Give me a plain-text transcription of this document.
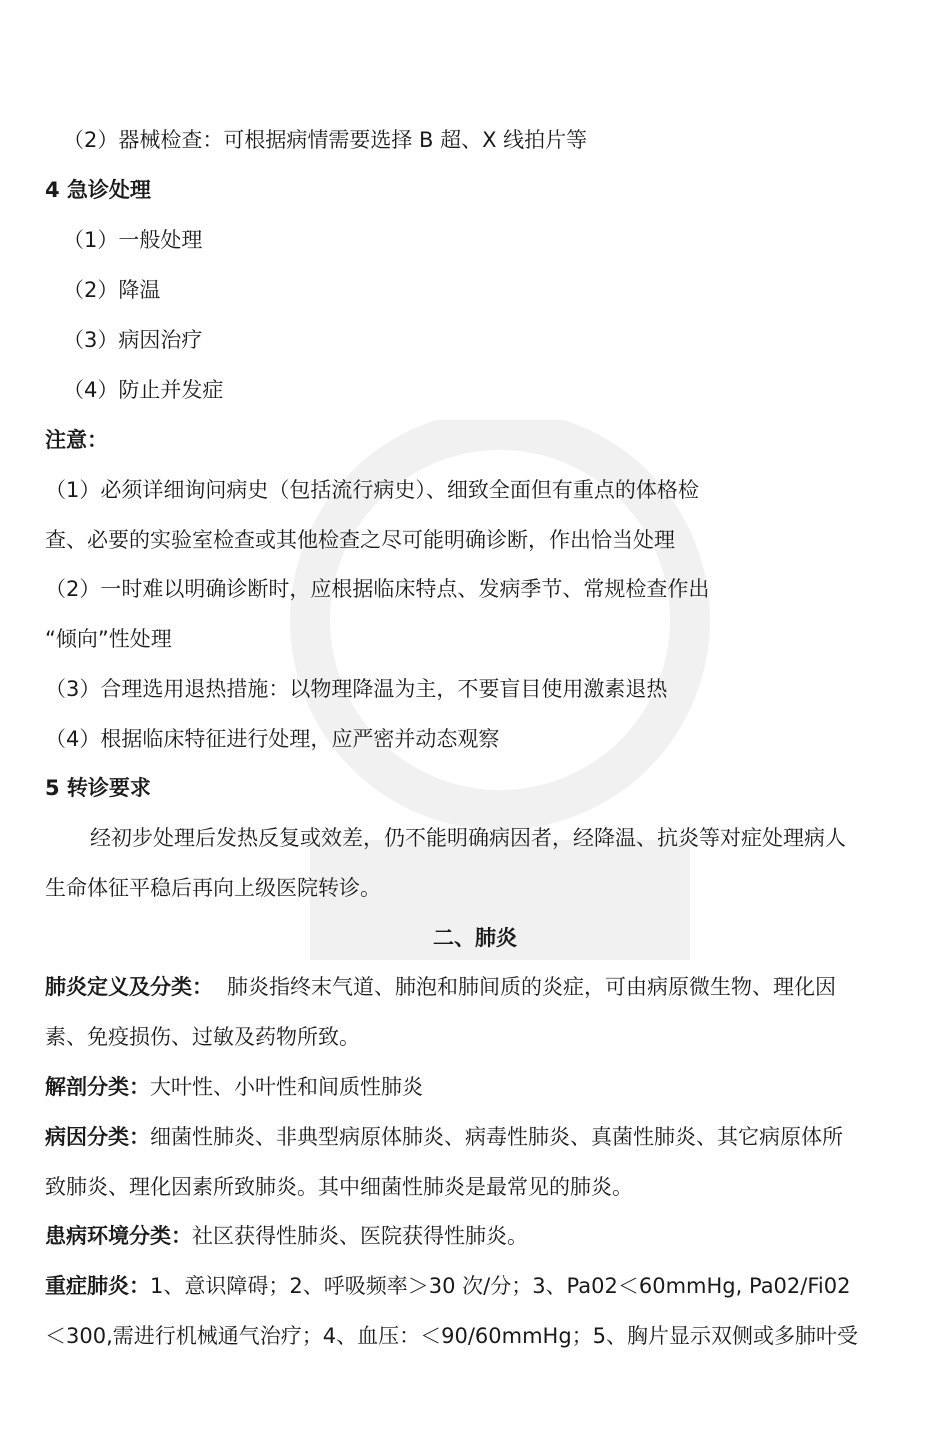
（2）器械检查：可根据病情需要选择 B 超、X 线拍片等
4 急诊处理
（1）一般处理
（2）降温
（3）病因治疗
（4）防止并发症
注意：
（1）必须详细询问病史（包括流行病史）、细致全面但有重点的体格检
查、必要的实验室检查或其他检查之尽可能明确诊断，作出恰当处理
（2）一时难以明确诊断时，应根据临床特点、发病季节、常规检查作出
“倾向”性处理
（3）合理选用退热措施：以物理降温为主，不要盲目使用激素退热
（4）根据临床特征进行处理，应严密并动态观察
5 转诊要求
经初步处理后发热反复或效差，仍不能明确病因者，经降温、抗炎等对症处理病人
生命体征平稳后再向上级医院转诊。
二、肺炎
肺炎定义及分类： 肺炎指终末气道、肺泡和肺间质的炎症，可由病原微生物、理化因
素、免疫损伤、过敏及药物所致。
解剖分类：大叶性、小叶性和间质性肺炎
病因分类：细菌性肺炎、非典型病原体肺炎、病毒性肺炎、真菌性肺炎、其它病原体所
致肺炎、理化因素所致肺炎。其中细菌性肺炎是最常见的肺炎。
患病环境分类：社区获得性肺炎、医院获得性肺炎。
重症肺炎：1、意识障碍；2、呼吸频率＞30 次/分；3、Pa02＜60mmHg, Pa02/Fi02
＜300,需进行机械通气治疗；4、血压：＜90/60mmHg；5、胸片显示双侧或多肺叶受
